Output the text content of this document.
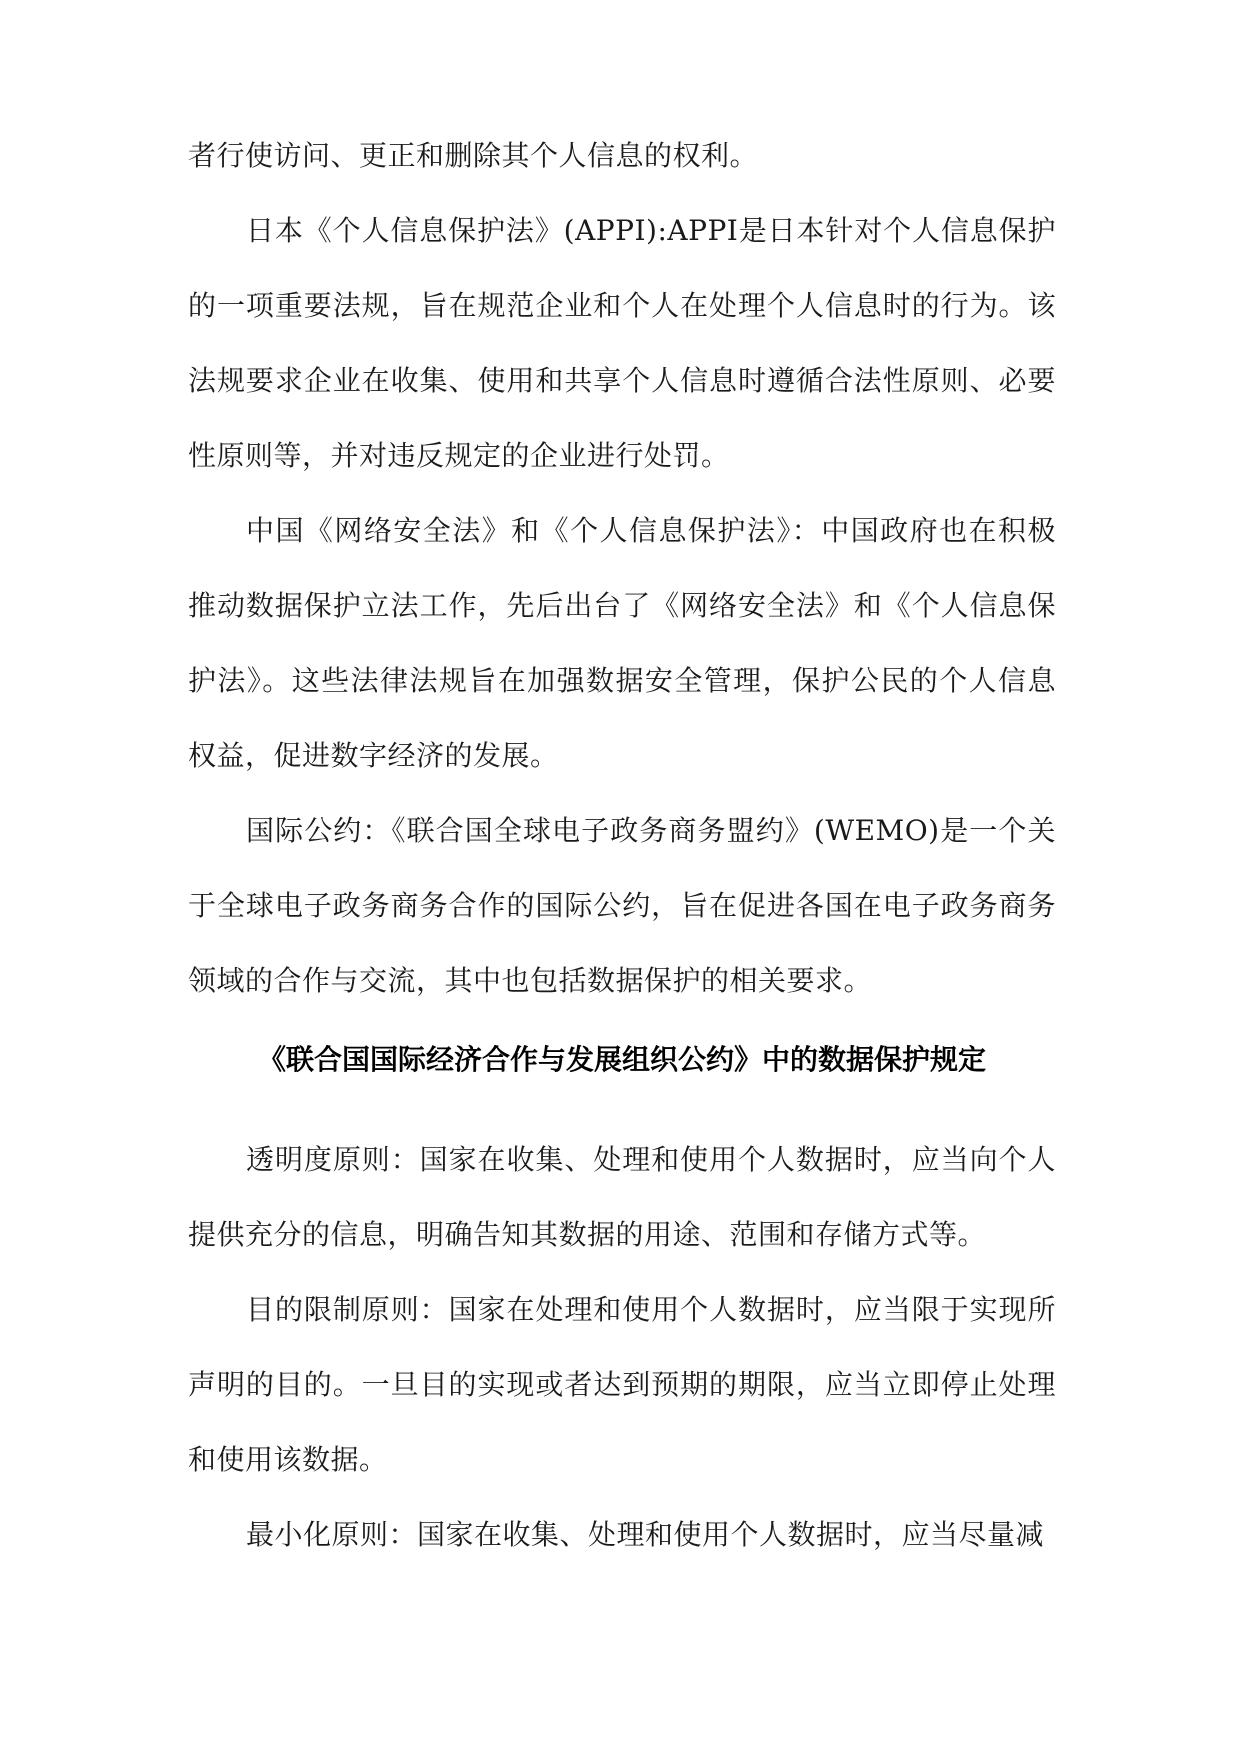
者行使访问、更正和删除其个人信息的权利。

日本《个人信息保护法》(APPI):APPI是日本针对个人信息保护的一项重要法规，旨在规范企业和个人在处理个人信息时的行为。该法规要求企业在收集、使用和共享个人信息时遵循合法性原则、必要性原则等，并对违反规定的企业进行处罚。

中国《网络安全法》和《个人信息保护法》：中国政府也在积极推动数据保护立法工作，先后出台了《网络安全法》和《个人信息保护法》。这些法律法规旨在加强数据安全管理，保护公民的个人信息权益，促进数字经济的发展。

国际公约：《联合国全球电子政务商务盟约》(WEMO)是一个关于全球电子政务商务合作的国际公约，旨在促进各国在电子政务商务领域的合作与交流，其中也包括数据保护的相关要求。

《联合国国际经济合作与发展组织公约》中的数据保护规定

透明度原则：国家在收集、处理和使用个人数据时，应当向个人提供充分的信息，明确告知其数据的用途、范围和存储方式等。

目的限制原则：国家在处理和使用个人数据时，应当限于实现所声明的目的。一旦目的实现或者达到预期的期限，应当立即停止处理和使用该数据。

最小化原则：国家在收集、处理和使用个人数据时，应当尽量减
